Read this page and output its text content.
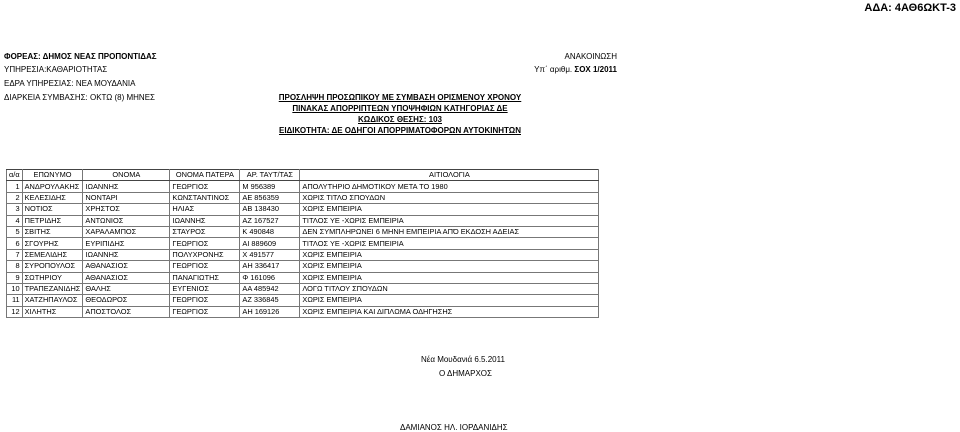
ΑΔΑ: 4ΑΘ6ΩΚΤ-3
ΦΟΡΕΑΣ: ΔΗΜΟΣ ΝΕΑΣ ΠΡΟΠΟΝΤΙΔΑΣ
ΥΠΗΡΕΣΙΑ:ΚΑΘΑΡΙΟΤΗΤΑΣ
ΕΔΡΑ ΥΠΗΡΕΣΙΑΣ: ΝΕΑ ΜΟΥΔΑΝΙΑ
ΔΙΑΡΚΕΙΑ ΣΥΜΒΑΣΗΣ: ΟΚΤΩ (8) ΜΗΝΕΣ
ΑΝΑΚΟΙΝΩΣΗ
Υπ΄ αριθμ. ΣΟΧ 1/2011
ΠΡΟΣΛΗΨΗ ΠΡΟΣΩΠΙΚΟΥ ΜΕ ΣΥΜΒΑΣΗ ΟΡΙΣΜΕΝΟΥ ΧΡΟΝΟΥ
ΠΙΝΑΚΑΣ ΑΠΟΡΡΙΠΤΕΩΝ ΥΠΟΨΗΦΙΩΝ ΚΑΤΗΓΟΡΙΑΣ ΔΕ
ΚΩΔΙΚΟΣ ΘΕΣΗΣ: 103
ΕΙΔΙΚΟΤΗΤΑ: ΔΕ ΟΔΗΓΟΙ ΑΠΟΡΡΙΜΑΤΟΦΟΡΩΝ ΑΥΤΟΚΙΝΗΤΩΝ
α/α	ΕΠΩΝΥΜΟ	ΟΝΟΜΑ	ΟΝΟΜΑ ΠΑΤΕΡΑ	ΑΡ. ΤΑΥΤ/ΤΑΣ	ΑΙΤΙΟΛΟΓΙΑ
1	ΑΝΔΡΟΥΛΑΚΗΣ	ΙΩΑΝΝΗΣ	ΓΕΩΡΓΙΟΣ	Μ 956389	ΑΠΟΛΥΤΗΡΙΟ ΔΗΜΟΤΙΚΟΥ ΜΕΤΑ ΤΟ 1980
2	ΚΕΛΕΣΙΔΗΣ	ΝΟΝΤΑΡΙ	ΚΩΝΣΤΑΝΤΙΝΟΣ	ΑΕ 856359	ΧΩΡΙΣ ΤΙΤΛΟ ΣΠΟΥΔΩΝ
3	ΝΟΤΙΟΣ	ΧΡΗΣΤΟΣ	ΗΛΙΑΣ	ΑΒ 138430	ΧΩΡΙΣ ΕΜΠΕΙΡΙΑ
4	ΠΕΤΡΙΔΗΣ	ΑΝΤΩΝΙΟΣ	ΙΩΑΝΝΗΣ	ΑΖ 167527	ΤΙΤΛΟΣ ΥΕ -ΧΩΡΙΣ ΕΜΠΕΙΡΙΑ
5	ΣΒΙΤΗΣ	ΧΑΡΑΛΑΜΠΟΣ	ΣΤΑΥΡΟΣ	Κ 490848	ΔΕΝ ΣΥΜΠΛΗΡΩΝΕΙ 6 ΜΗΝΗ ΕΜΠΕΙΡΙΑ ΑΠΌ ΕΚΔΟΣΗ ΑΔΕΙΑΣ
6	ΣΓΟΥΡΗΣ	ΕΥΡΙΠΙΔΗΣ	ΓΕΩΡΓΙΟΣ	ΑΙ 889609	ΤΙΤΛΟΣ ΥΕ -ΧΩΡΙΣ ΕΜΠΕΙΡΙΑ
7	ΣΕΜΕΛΙΔΗΣ	ΙΩΑΝΝΗΣ	ΠΟΛΥΧΡΟΝΗΣ	Χ 491577	ΧΩΡΙΣ ΕΜΠΕΙΡΙΑ
8	ΣΥΡΟΠΟΥΛΟΣ	ΑΘΑΝΑΣΙΟΣ	ΓΕΩΡΓΙΟΣ	ΑΗ 336417	ΧΩΡΙΣ ΕΜΠΕΙΡΙΑ
9	ΣΩΤΗΡΙΟΥ	ΑΘΑΝΑΣΙΟΣ	ΠΑΝΑΓΙΩΤΗΣ	Φ 161096	ΧΩΡΙΣ ΕΜΠΕΙΡΙΑ
10	ΤΡΑΠΕΖΑΝΙΔΗΣ	ΘΑΛΗΣ	ΕΥΓΕΝΙΟΣ	ΑΑ 485942	ΛΟΓΩ ΤΙΤΛΟΥ ΣΠΟΥΔΩΝ
11	ΧΑΤΖΗΠΑΥΛΟΣ	ΘΕΟΔΩΡΟΣ	ΓΕΩΡΓΙΟΣ	ΑΖ 336845	ΧΩΡΙΣ ΕΜΠΕΙΡΙΑ
12	ΧΙΛΗΤΗΣ	ΑΠΟΣΤΟΛΟΣ	ΓΕΩΡΓΙΟΣ	ΑΗ 169126	ΧΩΡΙΣ ΕΜΠΕΙΡΙΑ ΚΑΙ ΔΙΠΛΩΜΑ ΟΔΗΓΗΣΗΣ
Νέα Μουδανιά 6.5.2011
Ο ΔΗΜΑΡΧΟΣ
ΔΑΜΙΑΝΟΣ ΗΛ. ΙΟΡΔΑΝΙΔΗΣ
